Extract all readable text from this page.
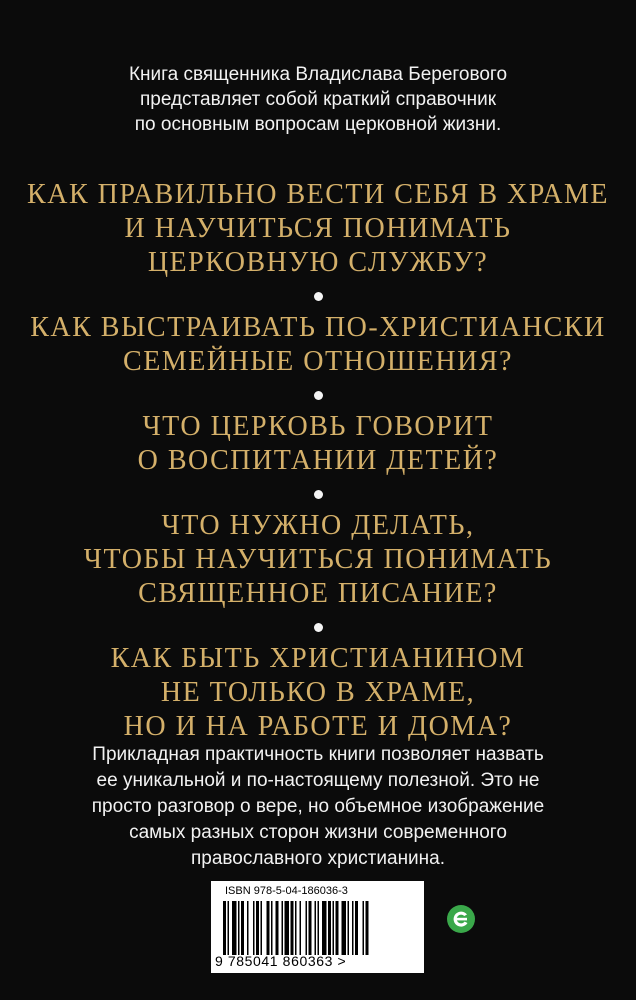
Книга священника Владислава Берегового
представляет собой краткий справочник
по основным вопросам церковной жизни.
КАК ПРАВИЛЬНО ВЕСТИ СЕБЯ В ХРАМЕ
И НАУЧИТЬСЯ ПОНИМАТЬ
ЦЕРКОВНУЮ СЛУЖБУ?
КАК ВЫСТРАИВАТЬ ПО-ХРИСТИАНСКИ
СЕМЕЙНЫЕ ОТНОШЕНИЯ?
ЧТО ЦЕРКОВЬ ГОВОРИТ
О ВОСПИТАНИИ ДЕТЕЙ?
ЧТО НУЖНО ДЕЛАТЬ,
ЧТОБЫ НАУЧИТЬСЯ ПОНИМАТЬ
СВЯЩЕННОЕ ПИСАНИЕ?
КАК БЫТЬ ХРИСТИАНИНОМ
НЕ ТОЛЬКО В ХРАМЕ,
НО И НА РАБОТЕ И ДОМА?
Прикладная практичность книги позволяет назвать
ее уникальной и по-настоящему полезной. Это не
просто разговор о вере, но объемное изображение
самых разных сторон жизни современного
православного христианина.
ISBN 978-5-04-186036-3
9 785041 860363 >
